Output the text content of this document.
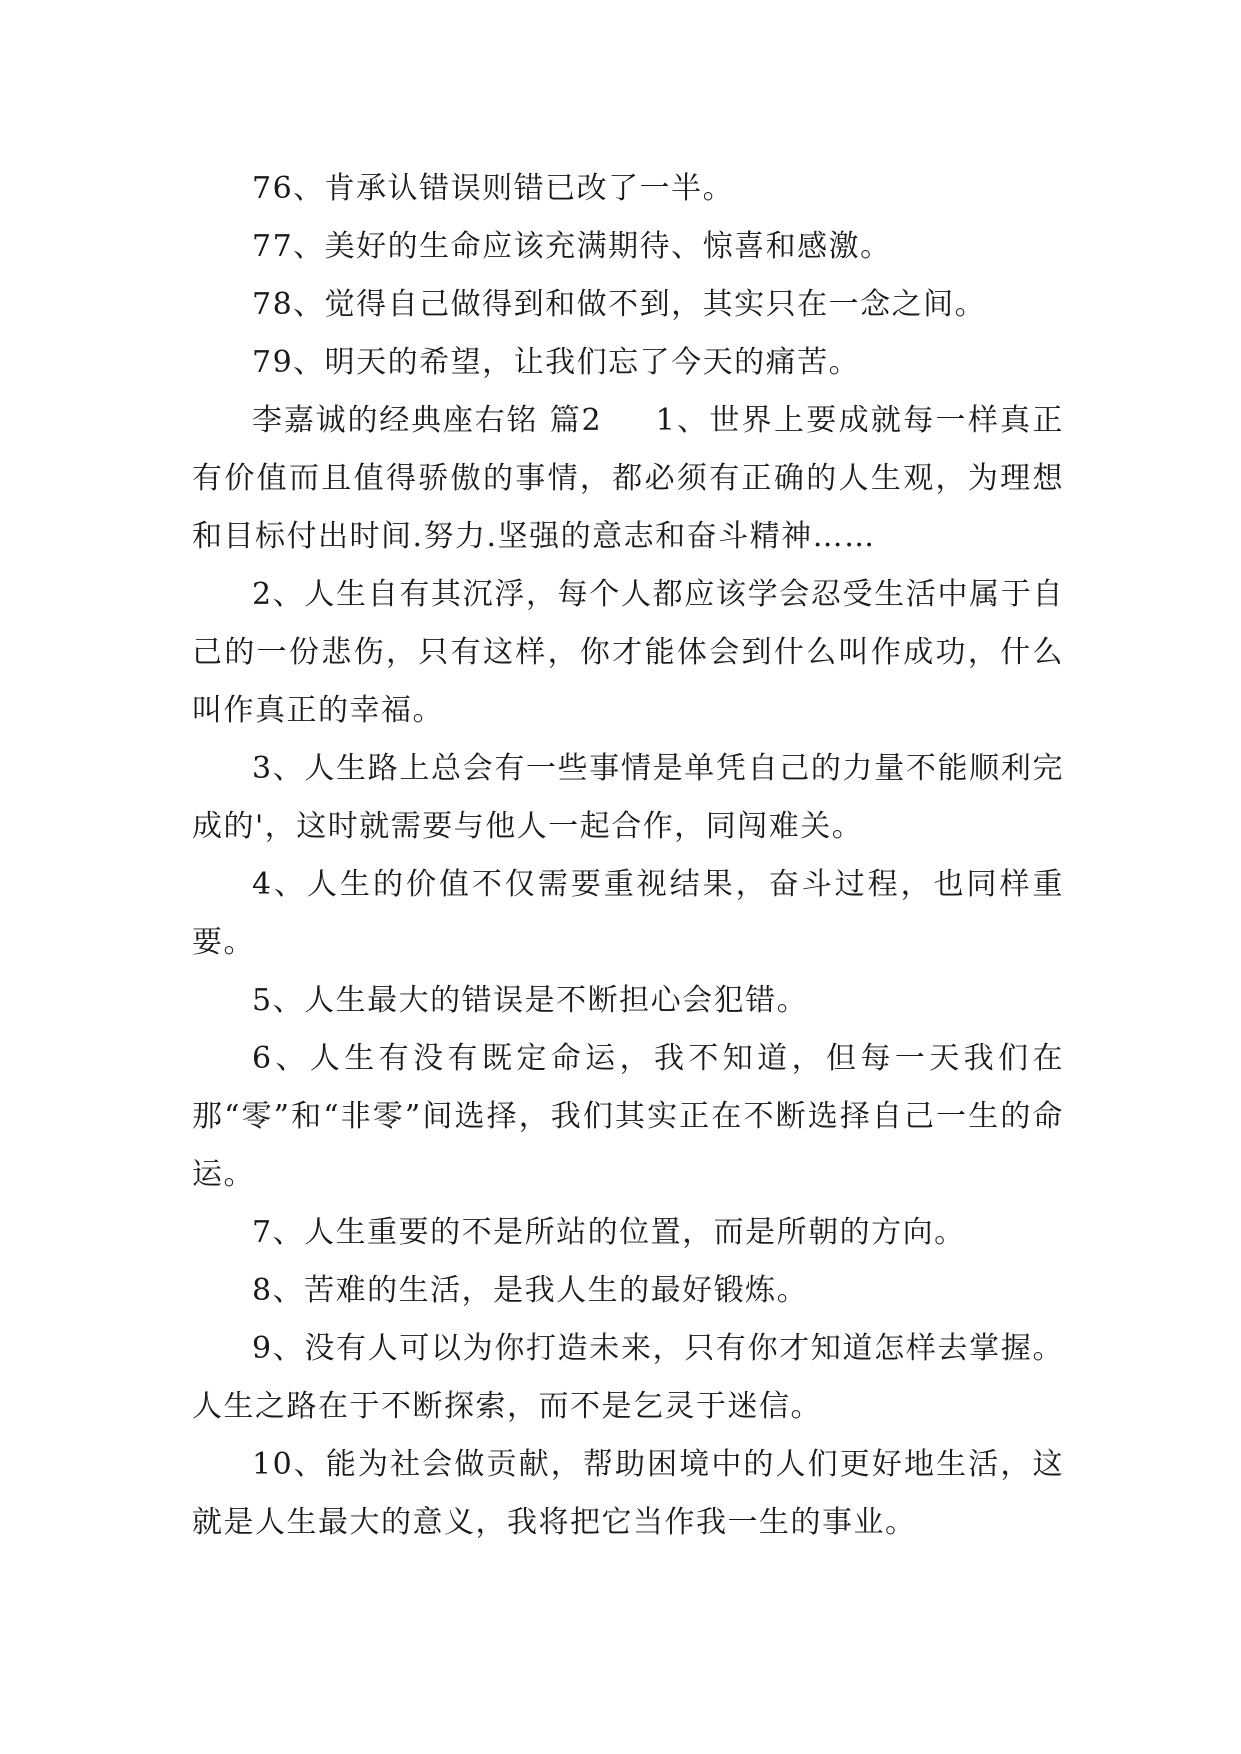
76、肯承认错误则错已改了一半。

77、美好的生命应该充满期待、惊喜和感激。

78、觉得自己做得到和做不到，其实只在一念之间。

79、明天的希望，让我们忘了今天的痛苦。

李嘉诚的经典座右铭 篇2 1、世界上要成就每一样真正有价值而且值得骄傲的事情，都必须有正确的人生观，为理想和目标付出时间.努力.坚强的意志和奋斗精神……

2、人生自有其沉浮，每个人都应该学会忍受生活中属于自己的一份悲伤，只有这样，你才能体会到什么叫作成功，什么叫作真正的幸福。

3、人生路上总会有一些事情是单凭自己的力量不能顺利完成的'，这时就需要与他人一起合作，同闯难关。

4、人生的价值不仅需要重视结果，奋斗过程，也同样重要。

5、人生最大的错误是不断担心会犯错。

6、人生有没有既定命运，我不知道，但每一天我们在那“零”和“非零”间选择，我们其实正在不断选择自己一生的命运。

7、人生重要的不是所站的位置，而是所朝的方向。

8、苦难的生活，是我人生的最好锻炼。

9、没有人可以为你打造未来，只有你才知道怎样去掌握。人生之路在于不断探索，而不是乞灵于迷信。

10、能为社会做贡献，帮助困境中的人们更好地生活，这就是人生最大的意义，我将把它当作我一生的事业。
